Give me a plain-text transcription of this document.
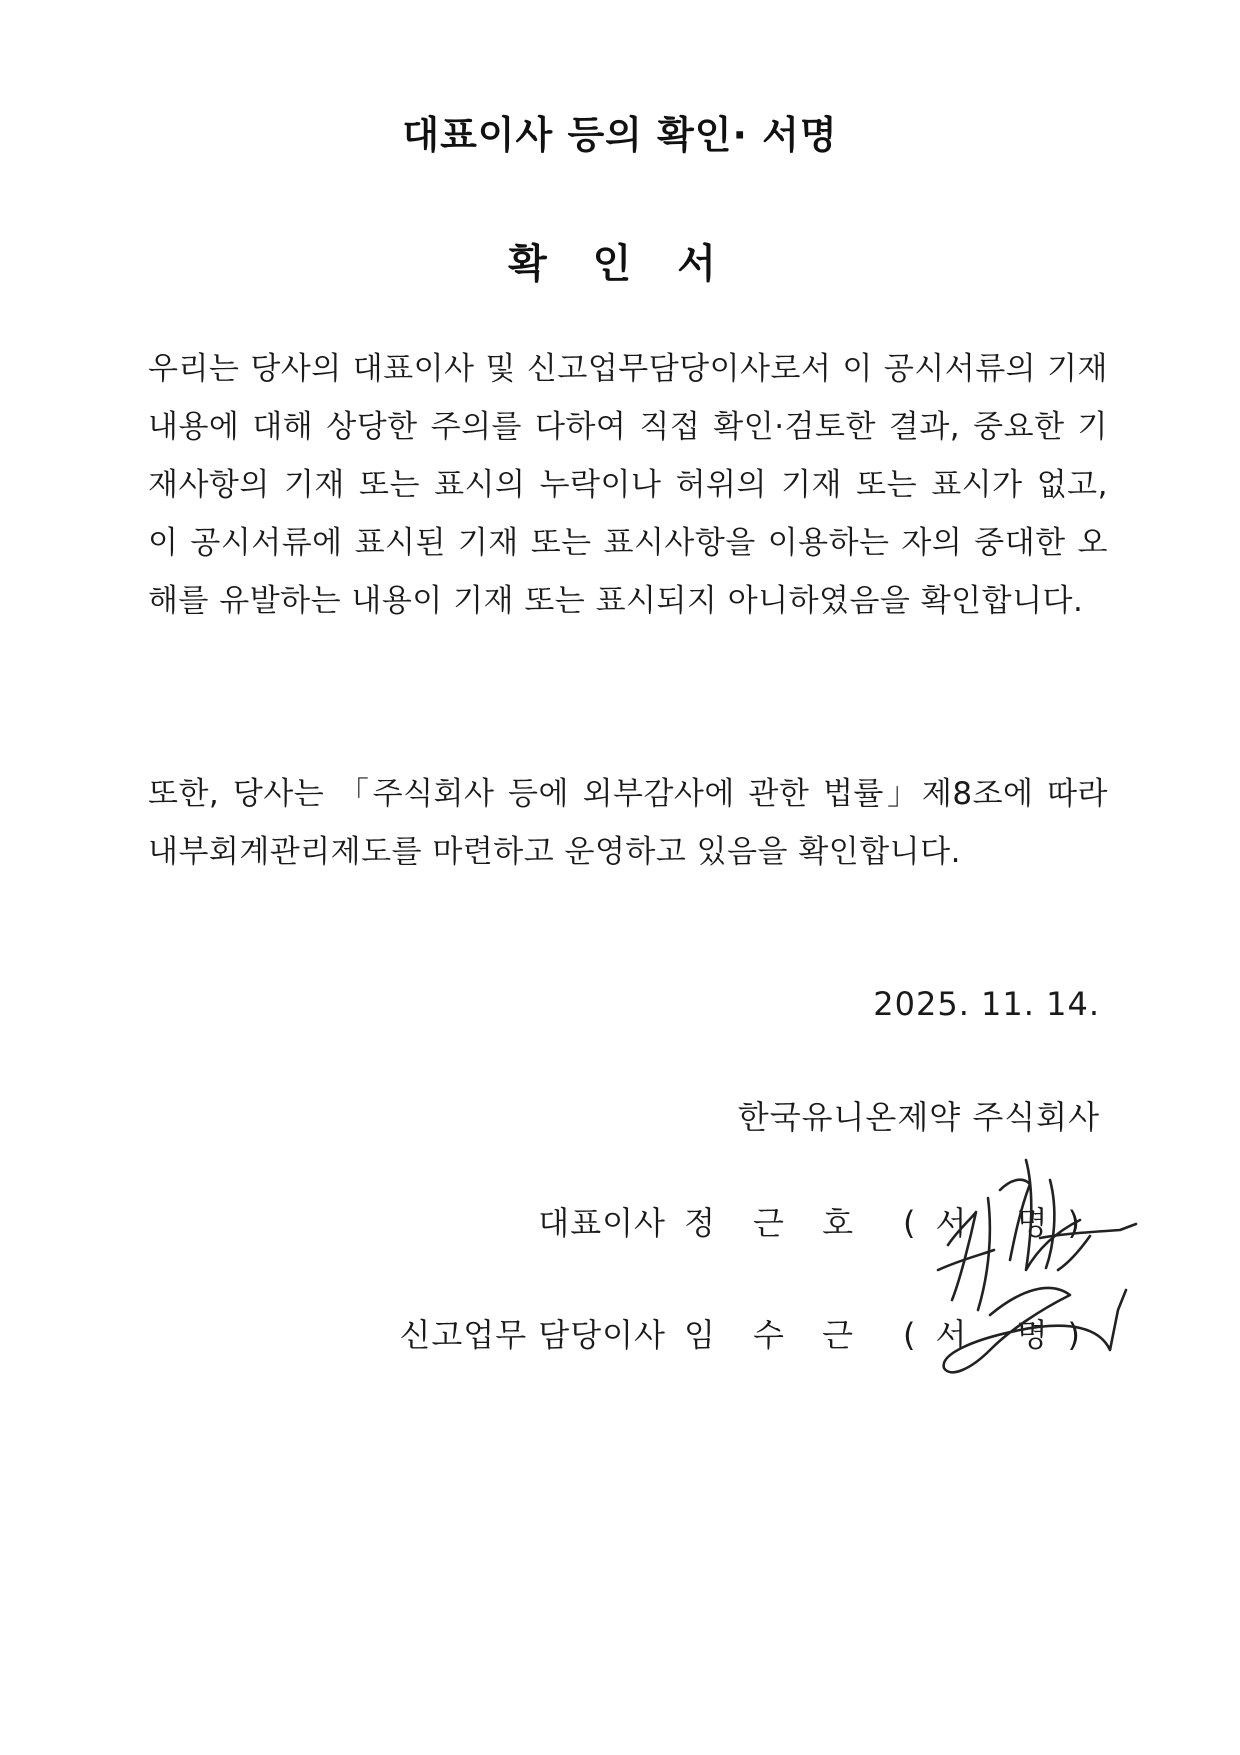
대표이사 등의 확인· 서명
확 인 서

우리는 당사의 대표이사 및 신고업무담당이사로서 이 공시서류의 기재내용에 대해 상당한 주의를 다하여 직접 확인·검토한 결과, 중요한 기재사항의 기재 또는 표시의 누락이나 허위의 기재 또는 표시가 없고, 이 공시서류에 표시된 기재 또는 표시사항을 이용하는 자의 중대한 오해를 유발하는 내용이 기재 또는 표시되지 아니하였음을 확인합니다.

또한, 당사는 「주식회사 등에 외부감사에 관한 법률」제8조에 따라 내부회계관리제도를 마련하고 운영하고 있음을 확인합니다.

2025. 11. 14.
한국유니온제약 주식회사
대표이사 정 근 호 (서 명)
신고업무 담당이사 임 수 근 (서 명)
